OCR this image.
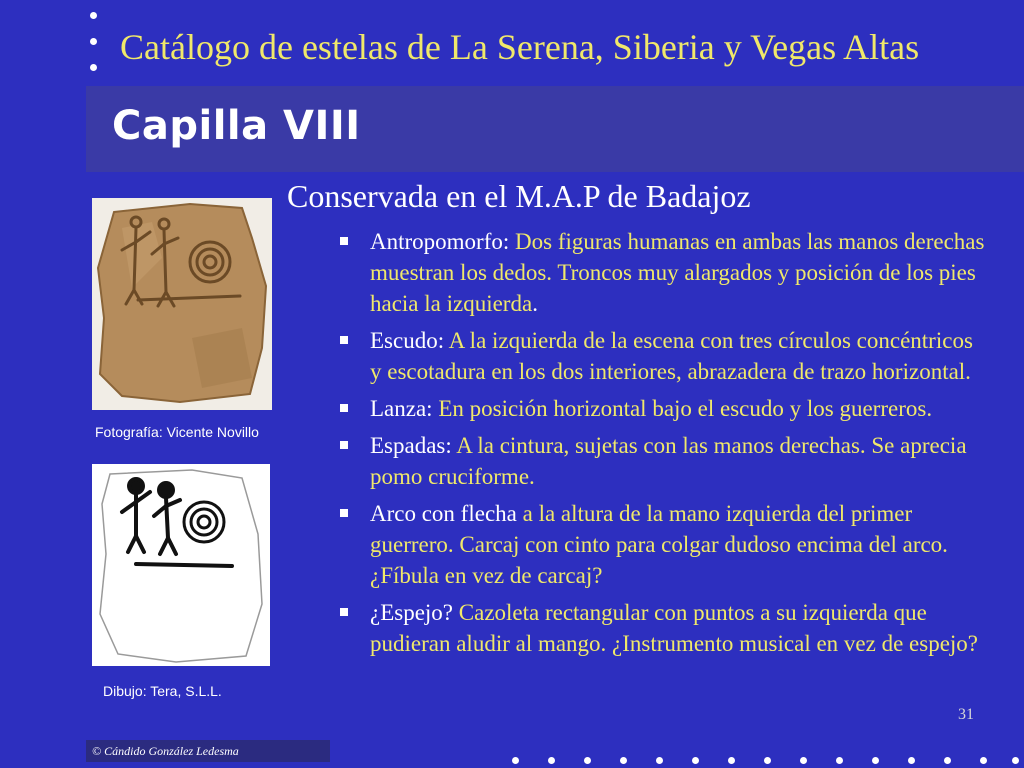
Catálogo de estelas de La Serena, Siberia y Vegas Altas
Capilla VIII
Fotografía: Vicente Novillo
Dibujo: Tera, S.L.L.
Conservada en el M.A.P de Badajoz
Antropomorfo: Dos figuras humanas en ambas las manos derechas muestran los dedos. Troncos muy alargados y posición de los pies hacia la izquierda.
Escudo: A la izquierda de la escena con tres círculos concéntricos y escotadura en los dos interiores, abrazadera de trazo horizontal.
Lanza: En posición horizontal bajo el escudo y los guerreros.
Espadas: A la cintura, sujetas con las manos derechas. Se aprecia pomo cruciforme.
Arco con flecha a la altura de la mano izquierda del primer guerrero. Carcaj con cinto para colgar dudoso encima del arco. ¿Fíbula en vez de carcaj?
¿Espejo? Cazoleta rectangular con puntos a su izquierda que pudieran aludir al mango. ¿Instrumento musical en vez de espejo?
31
© Cándido González Ledesma
